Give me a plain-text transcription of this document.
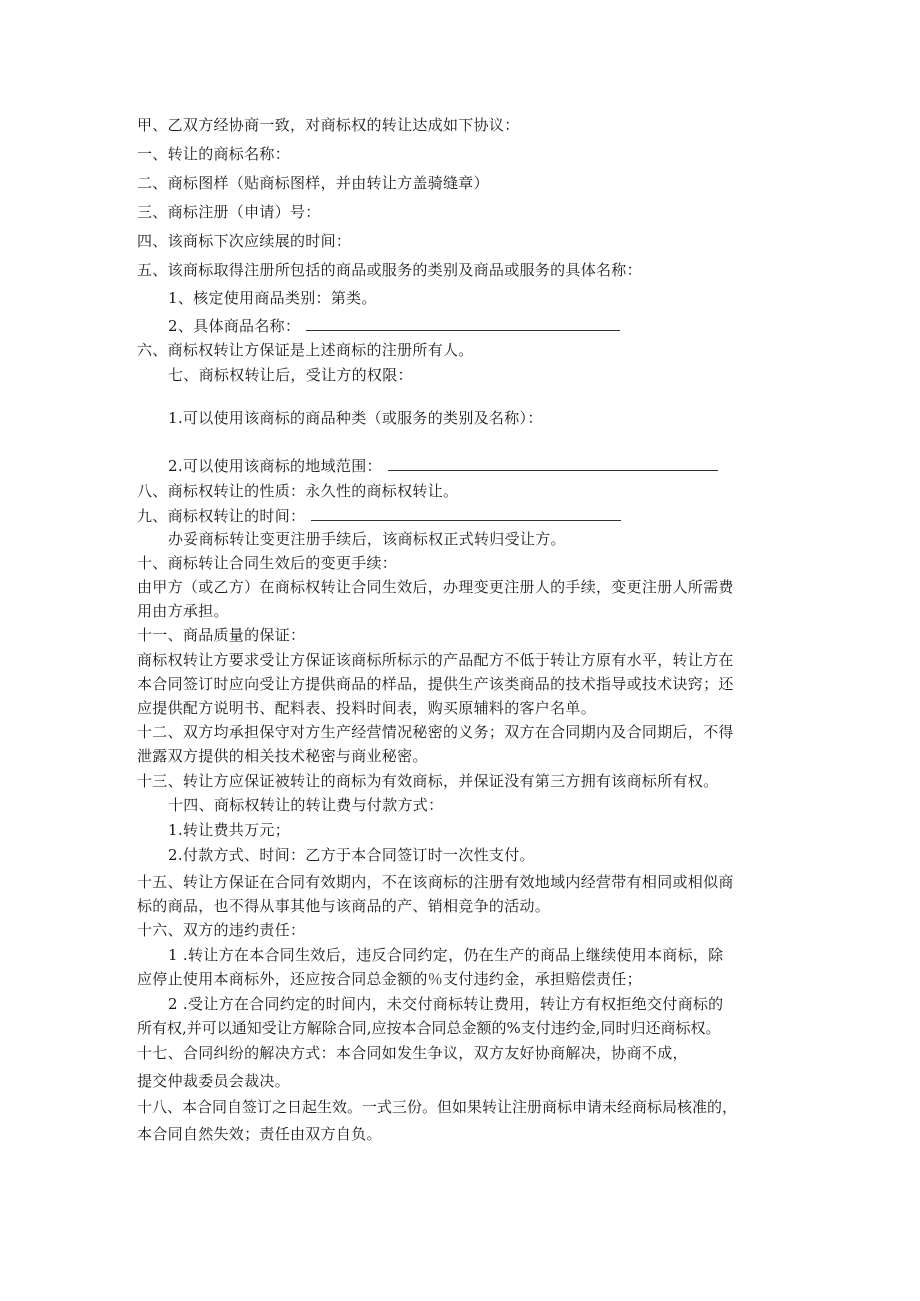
甲、乙双方经协商一致，对商标权的转让达成如下协议：
一、转让的商标名称：
二、商标图样（贴商标图样，并由转让方盖骑缝章）
三、商标注册（申请）号：
四、该商标下次应续展的时间：
五、该商标取得注册所包括的商品或服务的类别及商品或服务的具体名称：
1、核定使用商品类别：第类。
2、具体商品名称：
六、商标权转让方保证是上述商标的注册所有人。
七、商标权转让后，受让方的权限：
1.可以使用该商标的商品种类（或服务的类别及名称）：
2.可以使用该商标的地域范围：
八、商标权转让的性质：永久性的商标权转让。
九、商标权转让的时间：
办妥商标转让变更注册手续后，该商标权正式转归受让方。
十、商标转让合同生效后的变更手续：
由甲方（或乙方）在商标权转让合同生效后，办理变更注册人的手续，变更注册人所需费
用由方承担。
十一、商品质量的保证：
商标权转让方要求受让方保证该商标所标示的产品配方不低于转让方原有水平，转让方在
本合同签订时应向受让方提供商品的样品，提供生产该类商品的技术指导或技术诀窍；还
应提供配方说明书、配料表、投料时间表，购买原辅料的客户名单。
十二、双方均承担保守对方生产经营情况秘密的义务；双方在合同期内及合同期后，不得
泄露双方提供的相关技术秘密与商业秘密。
十三、转让方应保证被转让的商标为有效商标，并保证没有第三方拥有该商标所有权。
十四、商标权转让的转让费与付款方式：
1.转让费共万元；
2.付款方式、时间：乙方于本合同签订时一次性支付。
十五、转让方保证在合同有效期内，不在该商标的注册有效地域内经营带有相同或相似商
标的商品，也不得从事其他与该商品的产、销相竞争的活动。
十六、双方的违约责任：
1 .转让方在本合同生效后，违反合同约定，仍在生产的商品上继续使用本商标，除
应停止使用本商标外，还应按合同总金额的％支付违约金，承担赔偿责任；
2 .受让方在合同约定的时间内，未交付商标转让费用，转让方有权拒绝交付商标的
所有权,并可以通知受让方解除合同,应按本合同总金额的%支付违约金,同时归还商标权。
十七、合同纠纷的解决方式：本合同如发生争议，双方友好协商解决，协商不成，
提交仲裁委员会裁决。
十八、本合同自签订之日起生效。一式三份。但如果转让注册商标申请未经商标局核准的，
本合同自然失效；责任由双方自负。
